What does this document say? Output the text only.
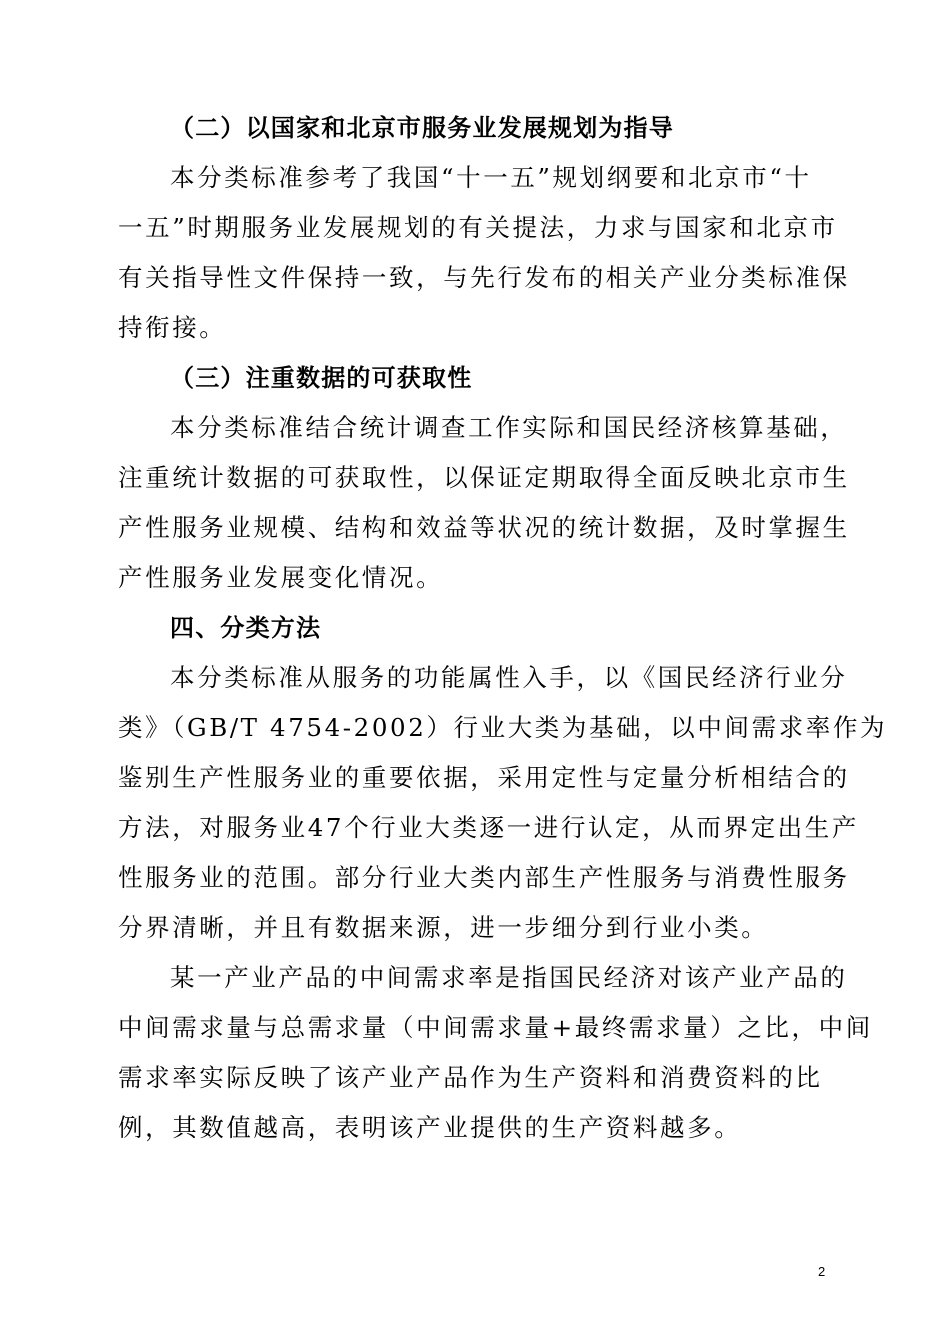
（二）以国家和北京市服务业发展规划为指导
本分类标准参考了我国“十一五”规划纲要和北京市“十
一五”时期服务业发展规划的有关提法，力求与国家和北京市
有关指导性文件保持一致，与先行发布的相关产业分类标准保
持衔接。
（三）注重数据的可获取性
本分类标准结合统计调查工作实际和国民经济核算基础，
注重统计数据的可获取性，以保证定期取得全面反映北京市生
产性服务业规模、结构和效益等状况的统计数据，及时掌握生
产性服务业发展变化情况。
四、分类方法
本分类标准从服务的功能属性入手，以《国民经济行业分
类》（GB/T 4754-2002）行业大类为基础，以中间需求率作为
鉴别生产性服务业的重要依据，采用定性与定量分析相结合的
方法，对服务业47个行业大类逐一进行认定，从而界定出生产
性服务业的范围。部分行业大类内部生产性服务与消费性服务
分界清晰，并且有数据来源，进一步细分到行业小类。
某一产业产品的中间需求率是指国民经济对该产业产品的
中间需求量与总需求量（中间需求量+最终需求量）之比，中间
需求率实际反映了该产业产品作为生产资料和消费资料的比
例，其数值越高，表明该产业提供的生产资料越多。
2
